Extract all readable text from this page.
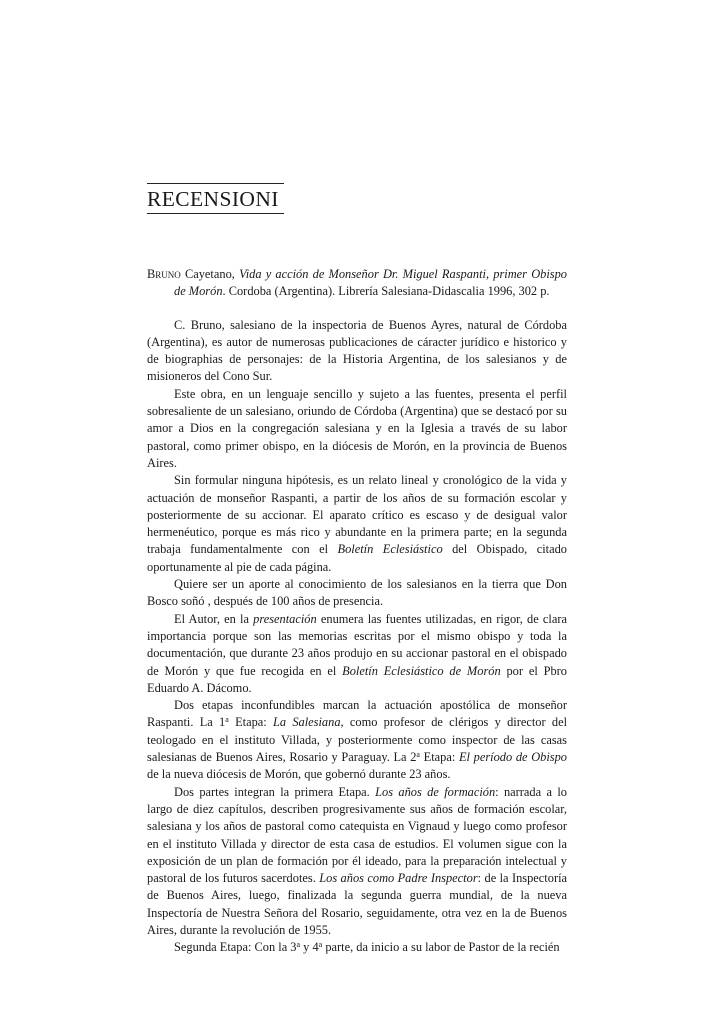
RECENSIONI

Bruno Cayetano, Vida y acción de Monseñor Dr. Miguel Raspanti, primer Obispo de Morón. Cordoba (Argentina). Librería Salesiana-Didascalia 1996, 302 p.

C. Bruno, salesiano de la inspectoria de Buenos Ayres, natural de Córdoba (Argentina), es autor de numerosas publicaciones de cáracter jurídico e historico y de biographias de personajes: de la Historia Argentina, de los salesianos y de misioneros del Cono Sur.

Este obra, en un lenguaje sencillo y sujeto a las fuentes, presenta el perfil sobresaliente de un salesiano, oriundo de Córdoba (Argentina) que se destacó por su amor a Dios en la congregación salesiana y en la Iglesia a través de su labor pastoral, como primer obispo, en la diócesis de Morón, en la provincia de Buenos Aires.

Sin formular ninguna hipótesis, es un relato lineal y cronológico de la vida y actuación de monseñor Raspanti, a partir de los años de su formación escolar y posteriormente de su accionar. El aparato crítico es escaso y de desigual valor hermenéutico, porque es más rico y abundante en la primera parte; en la segunda trabaja fundamentalmente con el Boletín Eclesiástico del Obispado, citado oportunamente al pie de cada página.

Quiere ser un aporte al conocimiento de los salesianos en la tierra que Don Bosco soñó , después de 100 años de presencia.

El Autor, en la presentación enumera las fuentes utilizadas, en rigor, de clara importancia porque son las memorias escritas por el mismo obispo y toda la documentación, que durante 23 años produjo en su accionar pastoral en el obispado de Morón y que fue recogida en el Boletín Eclesiástico de Morón por el Pbro Eduardo A. Dácomo.

Dos etapas inconfundibles marcan la actuación apostólica de monseñor Raspanti. La 1$^a$ Etapa: La Salesiana, como profesor de clérigos y director del teologado en el instituto Villada, y posteriormente como inspector de las casas salesianas de Buenos Aires, Rosario y Paraguay. La 2$^a$ Etapa: El período de Obispo de la nueva diócesis de Morón, que gobernó durante 23 años.

Dos partes integran la primera Etapa. Los años de formación: narrada a lo largo de diez capítulos, describen progresivamente sus años de formación escolar, salesiana y los años de pastoral como catequista en Vignaud y luego como profesor en el instituto Villada y director de esta casa de estudios. El volumen sigue con la exposición de un plan de formación por él ideado, para la preparación intelectual y pastoral de los futuros sacerdotes. Los años como Padre Inspector: de la Inspectoría de Buenos Aires, luego, finalizada la segunda guerra mundial, de la nueva Inspectoría de Nuestra Señora del Rosario, seguidamente, otra vez en la de Buenos Aires, durante la revolución de 1955.

Segunda Etapa: Con la 3$^a$ y 4$^a$ parte, da inicio a su labor de Pastor de la recién
